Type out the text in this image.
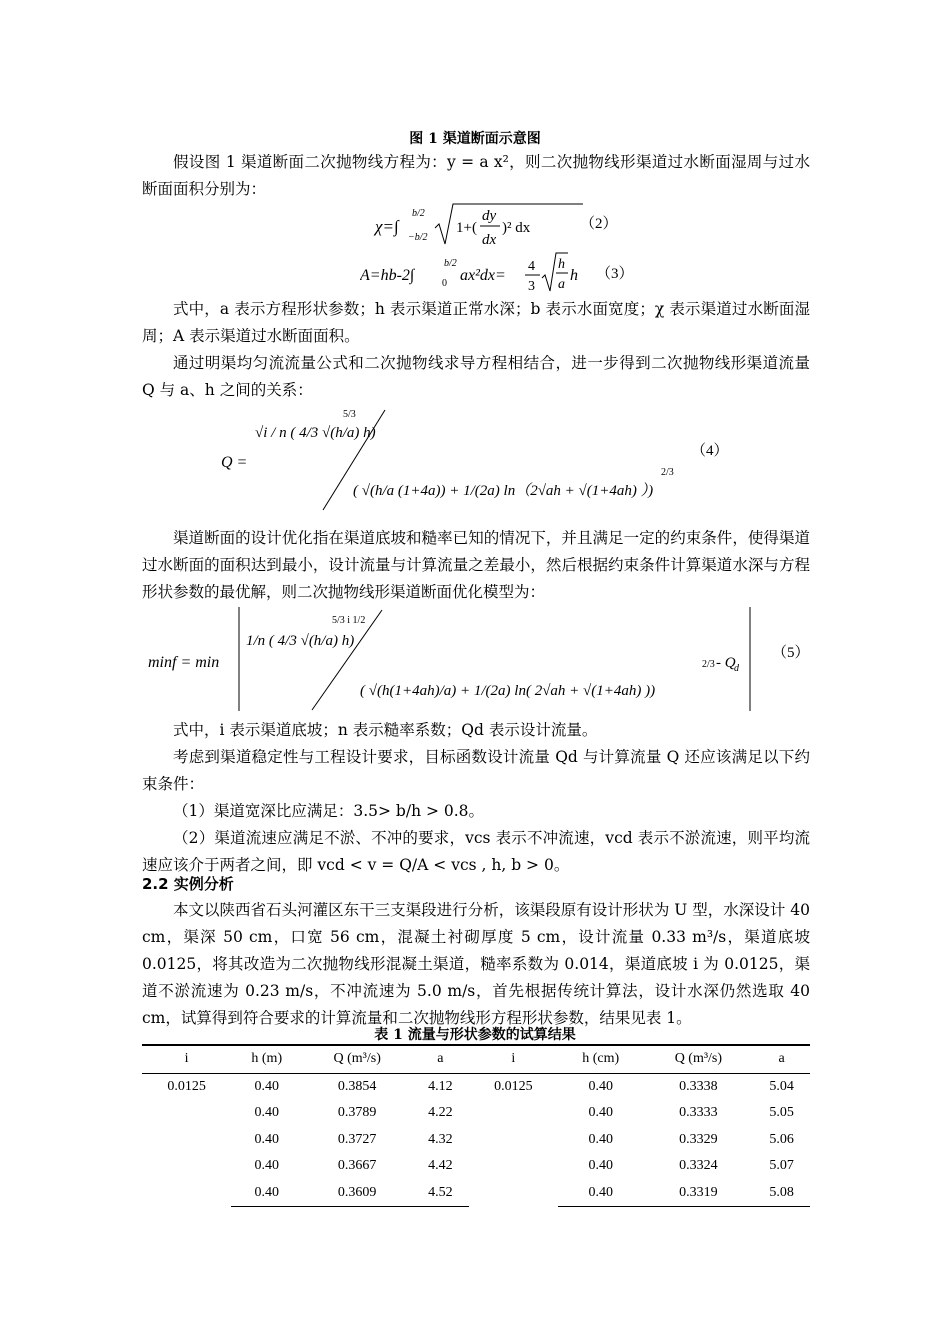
图 1 渠道断面示意图
假设图 1 渠道断面二次抛物线方程为：y = a x²，则二次抛物线形渠道过水断面湿周与过水断面面积分别为：
χ=∫
b/2
−b/2
1+(
dy
dx
)² dx	（2）
A=hb-2∫
b/2
0 ax²dx=
4
3
h
a
h （3）
式中，a 表示方程形状参数；h 表示渠道正常水深；b 表示水面宽度；χ 表示渠道过水断面湿周；A 表示渠道过水断面面积。
通过明渠均匀流流量公式和二次抛物线求导方程相结合，进一步得到二次抛物线形渠道流量 Q 与 a、h 之间的关系：
Q =
√i / n ( 4/3 √(h/a) h)
5/3
( √(h/a (1+4a)) + 1/(2a) ln（2√ah + √(1+4ah) ）)
2/3
（4）
渠道断面的设计优化指在渠道底坡和糙率已知的情况下，并且满足一定的约束条件，使得渠道过水断面的面积达到最小，设计流量与计算流量之差最小，然后根据约束条件计算渠道水深与方程形状参数的最优解，则二次抛物线形渠道断面优化模型为：
minf = min
1/n ( 4/3 √(h/a) h)
5/3 i 1/2
( √(h(1+4ah)/a) + 1/(2a) ln( 2√ah + √(1+4ah) ))
2/3 - Q
d
（5）
式中，i 表示渠道底坡；n 表示糙率系数；Qd 表示设计流量。
考虑到渠道稳定性与工程设计要求，目标函数设计流量 Qd 与计算流量 Q 还应该满足以下约束条件：
（1）渠道宽深比应满足：3.5> b/h > 0.8。
（2）渠道流速应满足不淤、不冲的要求，vcs 表示不冲流速，vcd 表示不淤流速，则平均流速应该介于两者之间，即 vcd < v = Q/A < vcs , h, b > 0。
2.2 实例分析
本文以陕西省石头河灌区东干三支渠段进行分析，该渠段原有设计形状为 U 型，水深设计 40 cm，渠深 50 cm，口宽 56 cm，混凝土衬砌厚度 5 cm，设计流量 0.33 m³/s，渠道底坡 0.0125，将其改造为二次抛物线形混凝土渠道，糙率系数为 0.014，渠道底坡 i 为 0.0125，渠道不淤流速为 0.23 m/s，不冲流速为 5.0 m/s，首先根据传统计算法，设计水深仍然选取 40 cm，试算得到符合要求的计算流量和二次抛物线形方程形状参数，结果见表 1。
表 1 流量与形状参数的试算结果
i	h (m)	Q (m³/s)	a	i	h (cm)	Q (m³/s)	a
0.0125	0.40	0.3854	4.12	0.0125	0.40	0.3338	5.04
	0.40	0.3789	4.22		0.40	0.3333	5.05
	0.40	0.3727	4.32		0.40	0.3329	5.06
	0.40	0.3667	4.42		0.40	0.3324	5.07
	0.40	0.3609	4.52		0.40	0.3319	5.08
